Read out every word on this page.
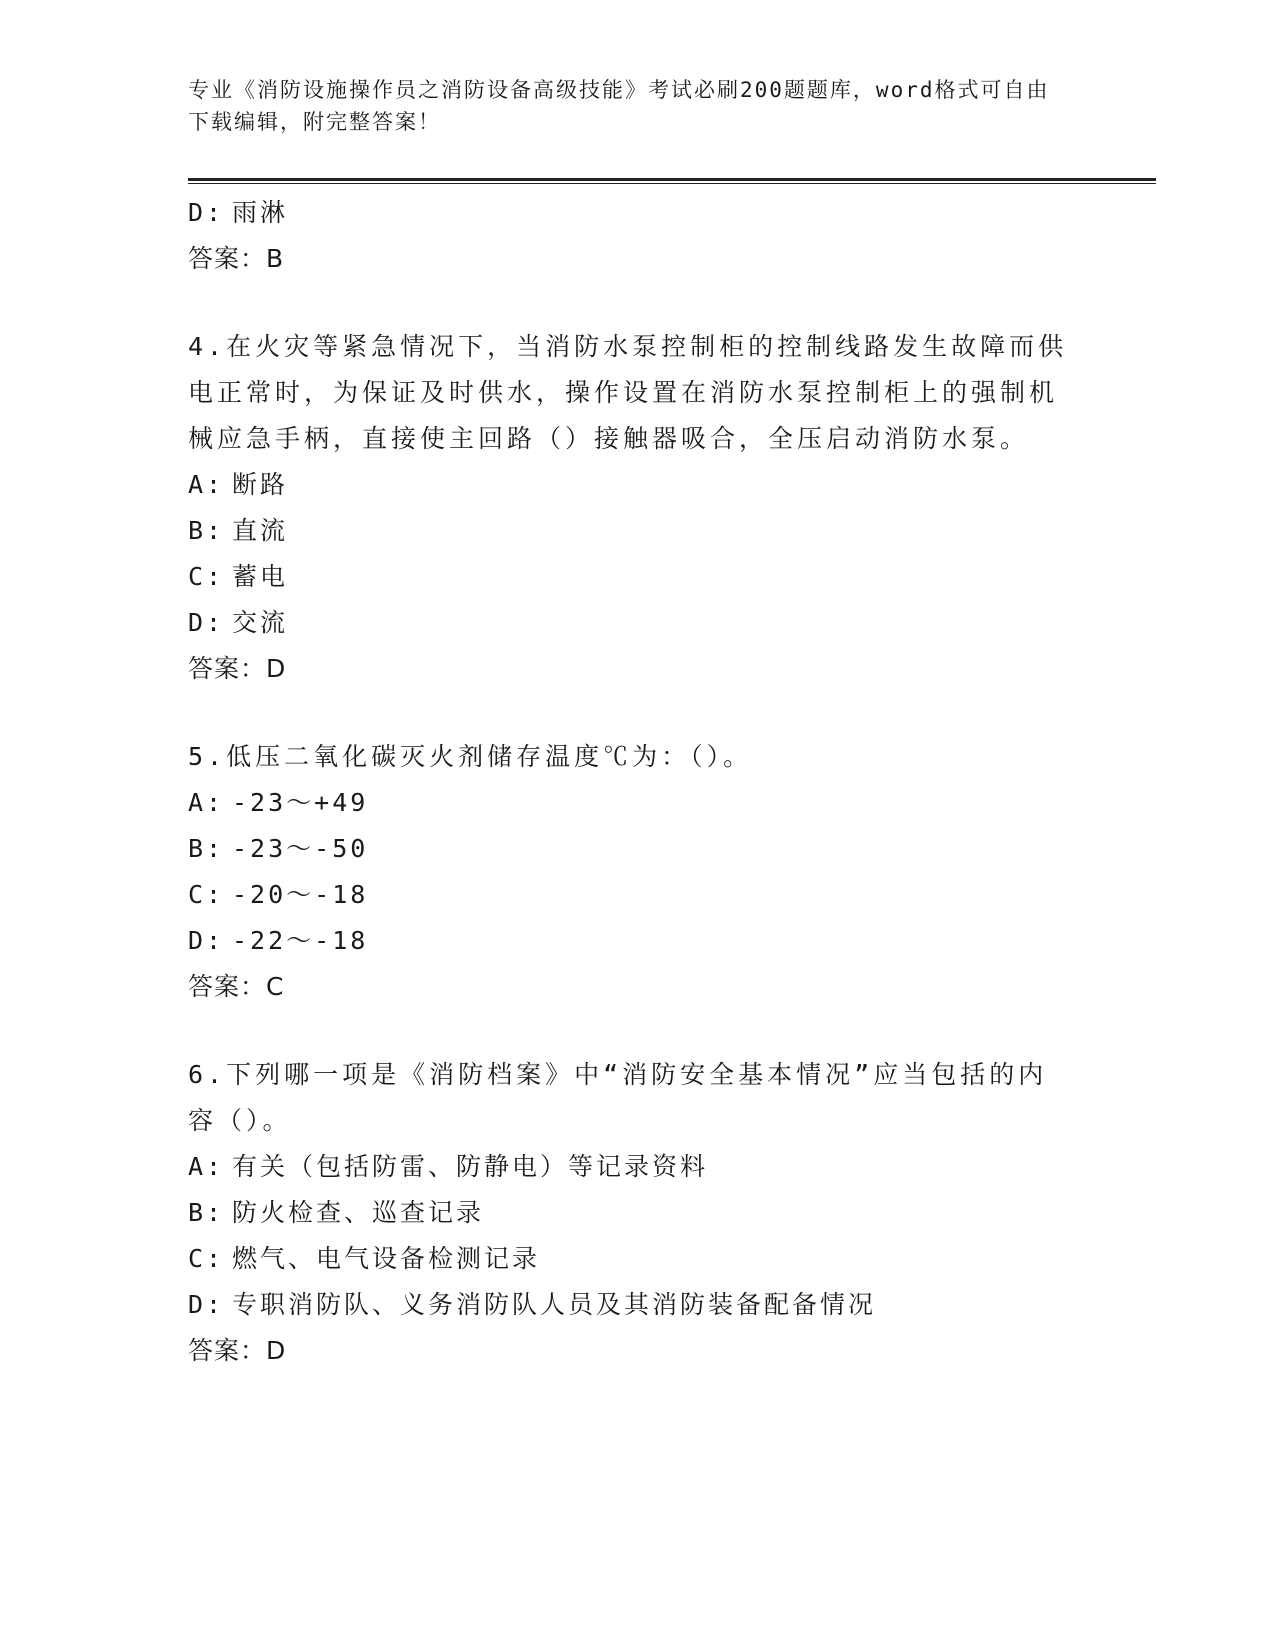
专业《消防设施操作员之消防设备高级技能》考试必刷200题题库，word格式可自由下载编辑，附完整答案！
D: 雨淋
答案：B
4.在火灾等紧急情况下，当消防水泵控制柜的控制线路发生故障而供电正常时，为保证及时供水，操作设置在消防水泵控制柜上的强制机械应急手柄，直接使主回路（）接触器吸合，全压启动消防水泵。
A: 断路
B: 直流
C: 蓄电
D: 交流
答案：D
5.低压二氧化碳灭火剂储存温度℃为：（）。
A: -23～+49
B: -23～-50
C: -20～-18
D: -22～-18
答案：C
6.下列哪一项是《消防档案》中“消防安全基本情况”应当包括的内容（）。
A: 有关（包括防雷、防静电）等记录资料
B: 防火检查、巡查记录
C: 燃气、电气设备检测记录
D: 专职消防队、义务消防队人员及其消防装备配备情况
答案：D
